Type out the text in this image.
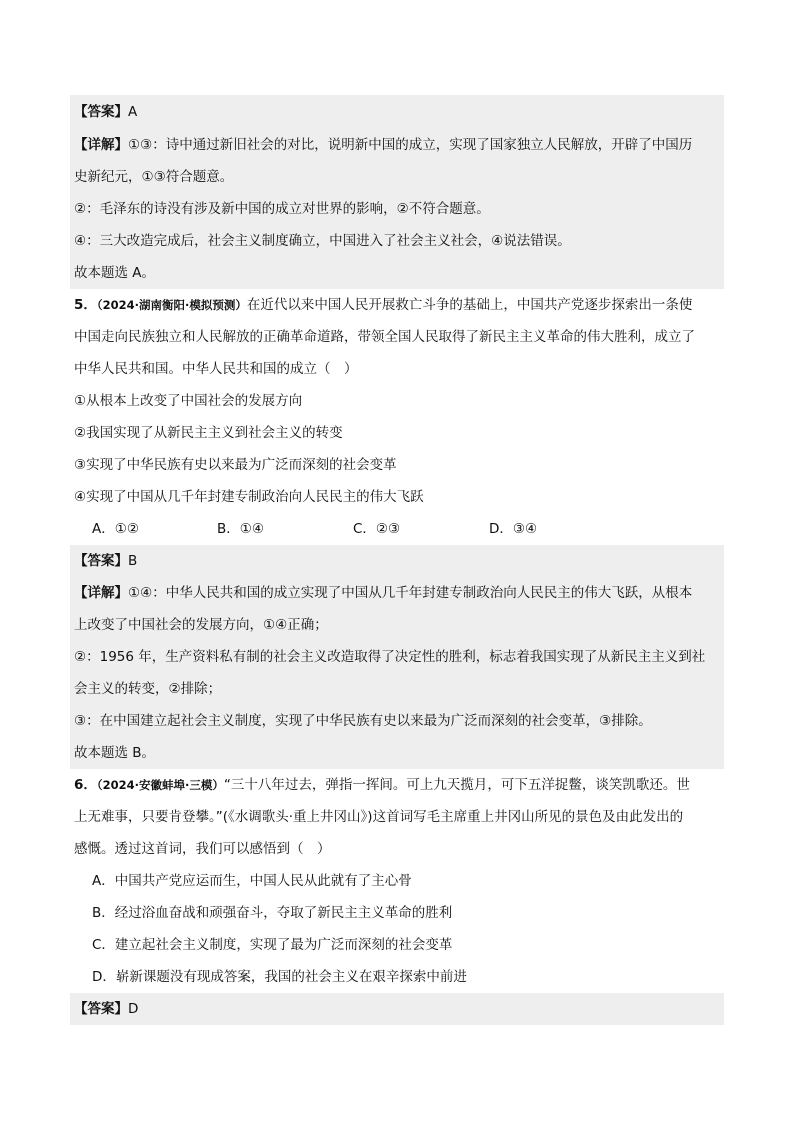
【答案】A
【详解】①③：诗中通过新旧社会的对比，说明新中国的成立，实现了国家独立人民解放，开辟了中国历
史新纪元，①③符合题意。
②：毛泽东的诗没有涉及新中国的成立对世界的影响，②不符合题意。
④：三大改造完成后，社会主义制度确立，中国进入了社会主义社会，④说法错误。
故本题选 A。
5．（2024·湖南衡阳·模拟预测）在近代以来中国人民开展救亡斗争的基础上，中国共产党逐步探索出一条使
中国走向民族独立和人民解放的正确革命道路，带领全国人民取得了新民主主义革命的伟大胜利，成立了
中华人民共和国。中华人民共和国的成立（　）
①从根本上改变了中国社会的发展方向
②我国实现了从新民主主义到社会主义的转变
③实现了中华民族有史以来最为广泛而深刻的社会变革
④实现了中国从几千年封建专制政治向人民民主的伟大飞跃
A．①②	B．①④	C．②③	D．③④
【答案】B
【详解】①④：中华人民共和国的成立实现了中国从几千年封建专制政治向人民民主的伟大飞跃，从根本
上改变了中国社会的发展方向，①④正确；
②：1956 年，生产资料私有制的社会主义改造取得了决定性的胜利，标志着我国实现了从新民主主义到社
会主义的转变，②排除；
③：在中国建立起社会主义制度，实现了中华民族有史以来最为广泛而深刻的社会变革，③排除。
故本题选 B。
6．（2024·安徽蚌埠·三模）“三十八年过去，弹指一挥间。可上九天揽月，可下五洋捉鳖，谈笑凯歌还。世
上无难事，只要肯登攀。”(《水调歌头·重上井冈山》)这首词写毛主席重上井冈山所见的景色及由此发出的
感慨。透过这首词，我们可以感悟到（　）
A．中国共产党应运而生，中国人民从此就有了主心骨
B．经过浴血奋战和顽强奋斗，夺取了新民主主义革命的胜利
C．建立起社会主义制度，实现了最为广泛而深刻的社会变革
D．崭新课题没有现成答案，我国的社会主义在艰辛探索中前进
【答案】D
